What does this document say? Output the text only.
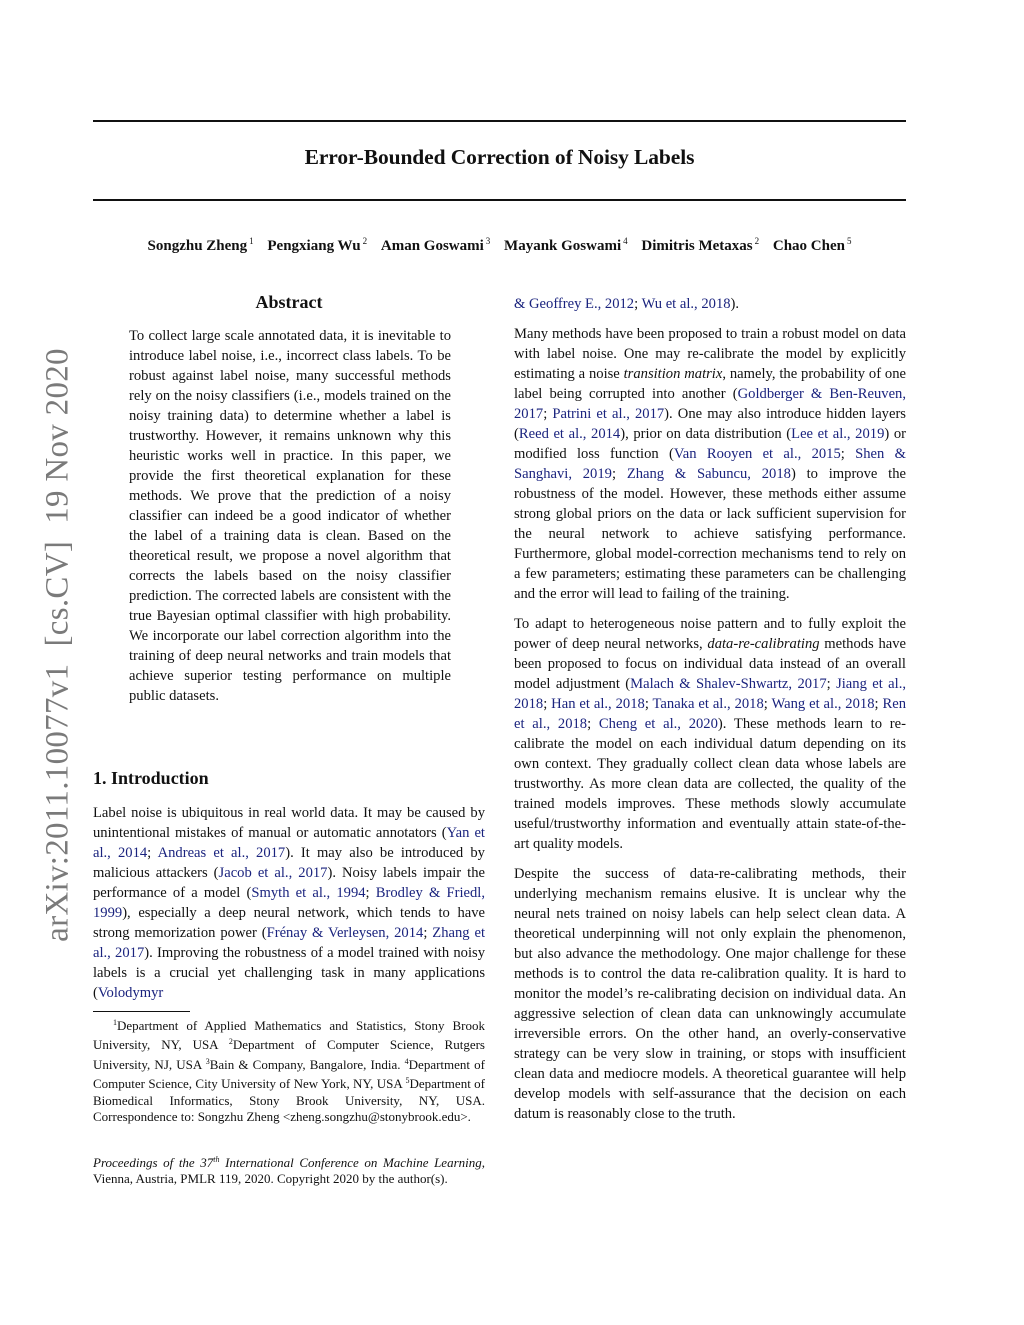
Error-Bounded Correction of Noisy Labels
Songzhu Zheng $^1$ Pengxiang Wu $^2$ Aman Goswami $^3$ Mayank Goswami $^4$ Dimitris Metaxas $^2$ Chao Chen $^5$
arXiv:2011.10077v1  [cs.CV]  19 Nov 2020
Abstract

To collect large scale annotated data, it is inevitable to introduce label noise, i.e., incorrect class labels. To be robust against label noise, many successful methods rely on the noisy classifiers (i.e., models trained on the noisy training data) to determine whether a label is trustworthy. However, it remains unknown why this heuristic works well in practice. In this paper, we provide the first theoretical explanation for these methods. We prove that the prediction of a noisy classifier can indeed be a good indicator of whether the label of a training data is clean. Based on the theoretical result, we propose a novel algorithm that corrects the labels based on the noisy classifier prediction. The corrected labels are consistent with the true Bayesian optimal classifier with high probability. We incorporate our label correction algorithm into the training of deep neural networks and train models that achieve superior testing performance on multiple public datasets.

1. Introduction

Label noise is ubiquitous in real world data. It may be caused by unintentional mistakes of manual or automatic annotators (Yan et al., 2014; Andreas et al., 2017). It may also be introduced by malicious attackers (Jacob et al., 2017). Noisy labels impair the performance of a model (Smyth et al., 1994; Brodley & Friedl, 1999), especially a deep neural network, which tends to have strong memorization power (Frénay & Verleysen, 2014; Zhang et al., 2017). Improving the robustness of a model trained with noisy labels is a crucial yet challenging task in many applications (Volodymyr

$^1$Department of Applied Mathematics and Statistics, Stony Brook University, NY, USA $^2$Department of Computer Science, Rutgers University, NJ, USA $^3$Bain & Company, Bangalore, India. $^4$Department of Computer Science, City University of New York, NY, USA $^5$Department of Biomedical Informatics, Stony Brook University, NY, USA. Correspondence to: Songzhu Zheng <zheng.songzhu@stonybrook.edu>.

Proceedings of the 37th International Conference on Machine Learning, Vienna, Austria, PMLR 119, 2020. Copyright 2020 by the author(s).

& Geoffrey E., 2012; Wu et al., 2018).

Many methods have been proposed to train a robust model on data with label noise. One may re-calibrate the model by explicitly estimating a noise transition matrix, namely, the probability of one label being corrupted into another (Goldberger & Ben-Reuven, 2017; Patrini et al., 2017). One may also introduce hidden layers (Reed et al., 2014), prior on data distribution (Lee et al., 2019) or modified loss function (Van Rooyen et al., 2015; Shen & Sanghavi, 2019; Zhang & Sabuncu, 2018) to improve the robustness of the model. However, these methods either assume strong global priors on the data or lack sufficient supervision for the neural network to achieve satisfying performance. Furthermore, global model-correction mechanisms tend to rely on a few parameters; estimating these parameters can be challenging and the error will lead to failing of the training.

To adapt to heterogeneous noise pattern and to fully exploit the power of deep neural networks, data-re-calibrating methods have been proposed to focus on individual data instead of an overall model adjustment (Malach & Shalev-Shwartz, 2017; Jiang et al., 2018; Han et al., 2018; Tanaka et al., 2018; Wang et al., 2018; Ren et al., 2018; Cheng et al., 2020). These methods learn to re-calibrate the model on each individual datum depending on its own context. They gradually collect clean data whose labels are trustworthy. As more clean data are collected, the quality of the trained models improves. These methods slowly accumulate useful/trustworthy information and eventually attain state-of-the-art quality models.

Despite the success of data-re-calibrating methods, their underlying mechanism remains elusive. It is unclear why the neural nets trained on noisy labels can help select clean data. A theoretical underpinning will not only explain the phenomenon, but also advance the methodology. One major challenge for these methods is to control the data re-calibration quality. It is hard to monitor the model’s re-calibrating decision on individual data. An aggressive selection of clean data can unknowingly accumulate irreversible errors. On the other hand, an overly-conservative strategy can be very slow in training, or stops with insufficient clean data and mediocre models. A theoretical guarantee will help develop models with self-assurance that the decision on each datum is reasonably close to the truth.
